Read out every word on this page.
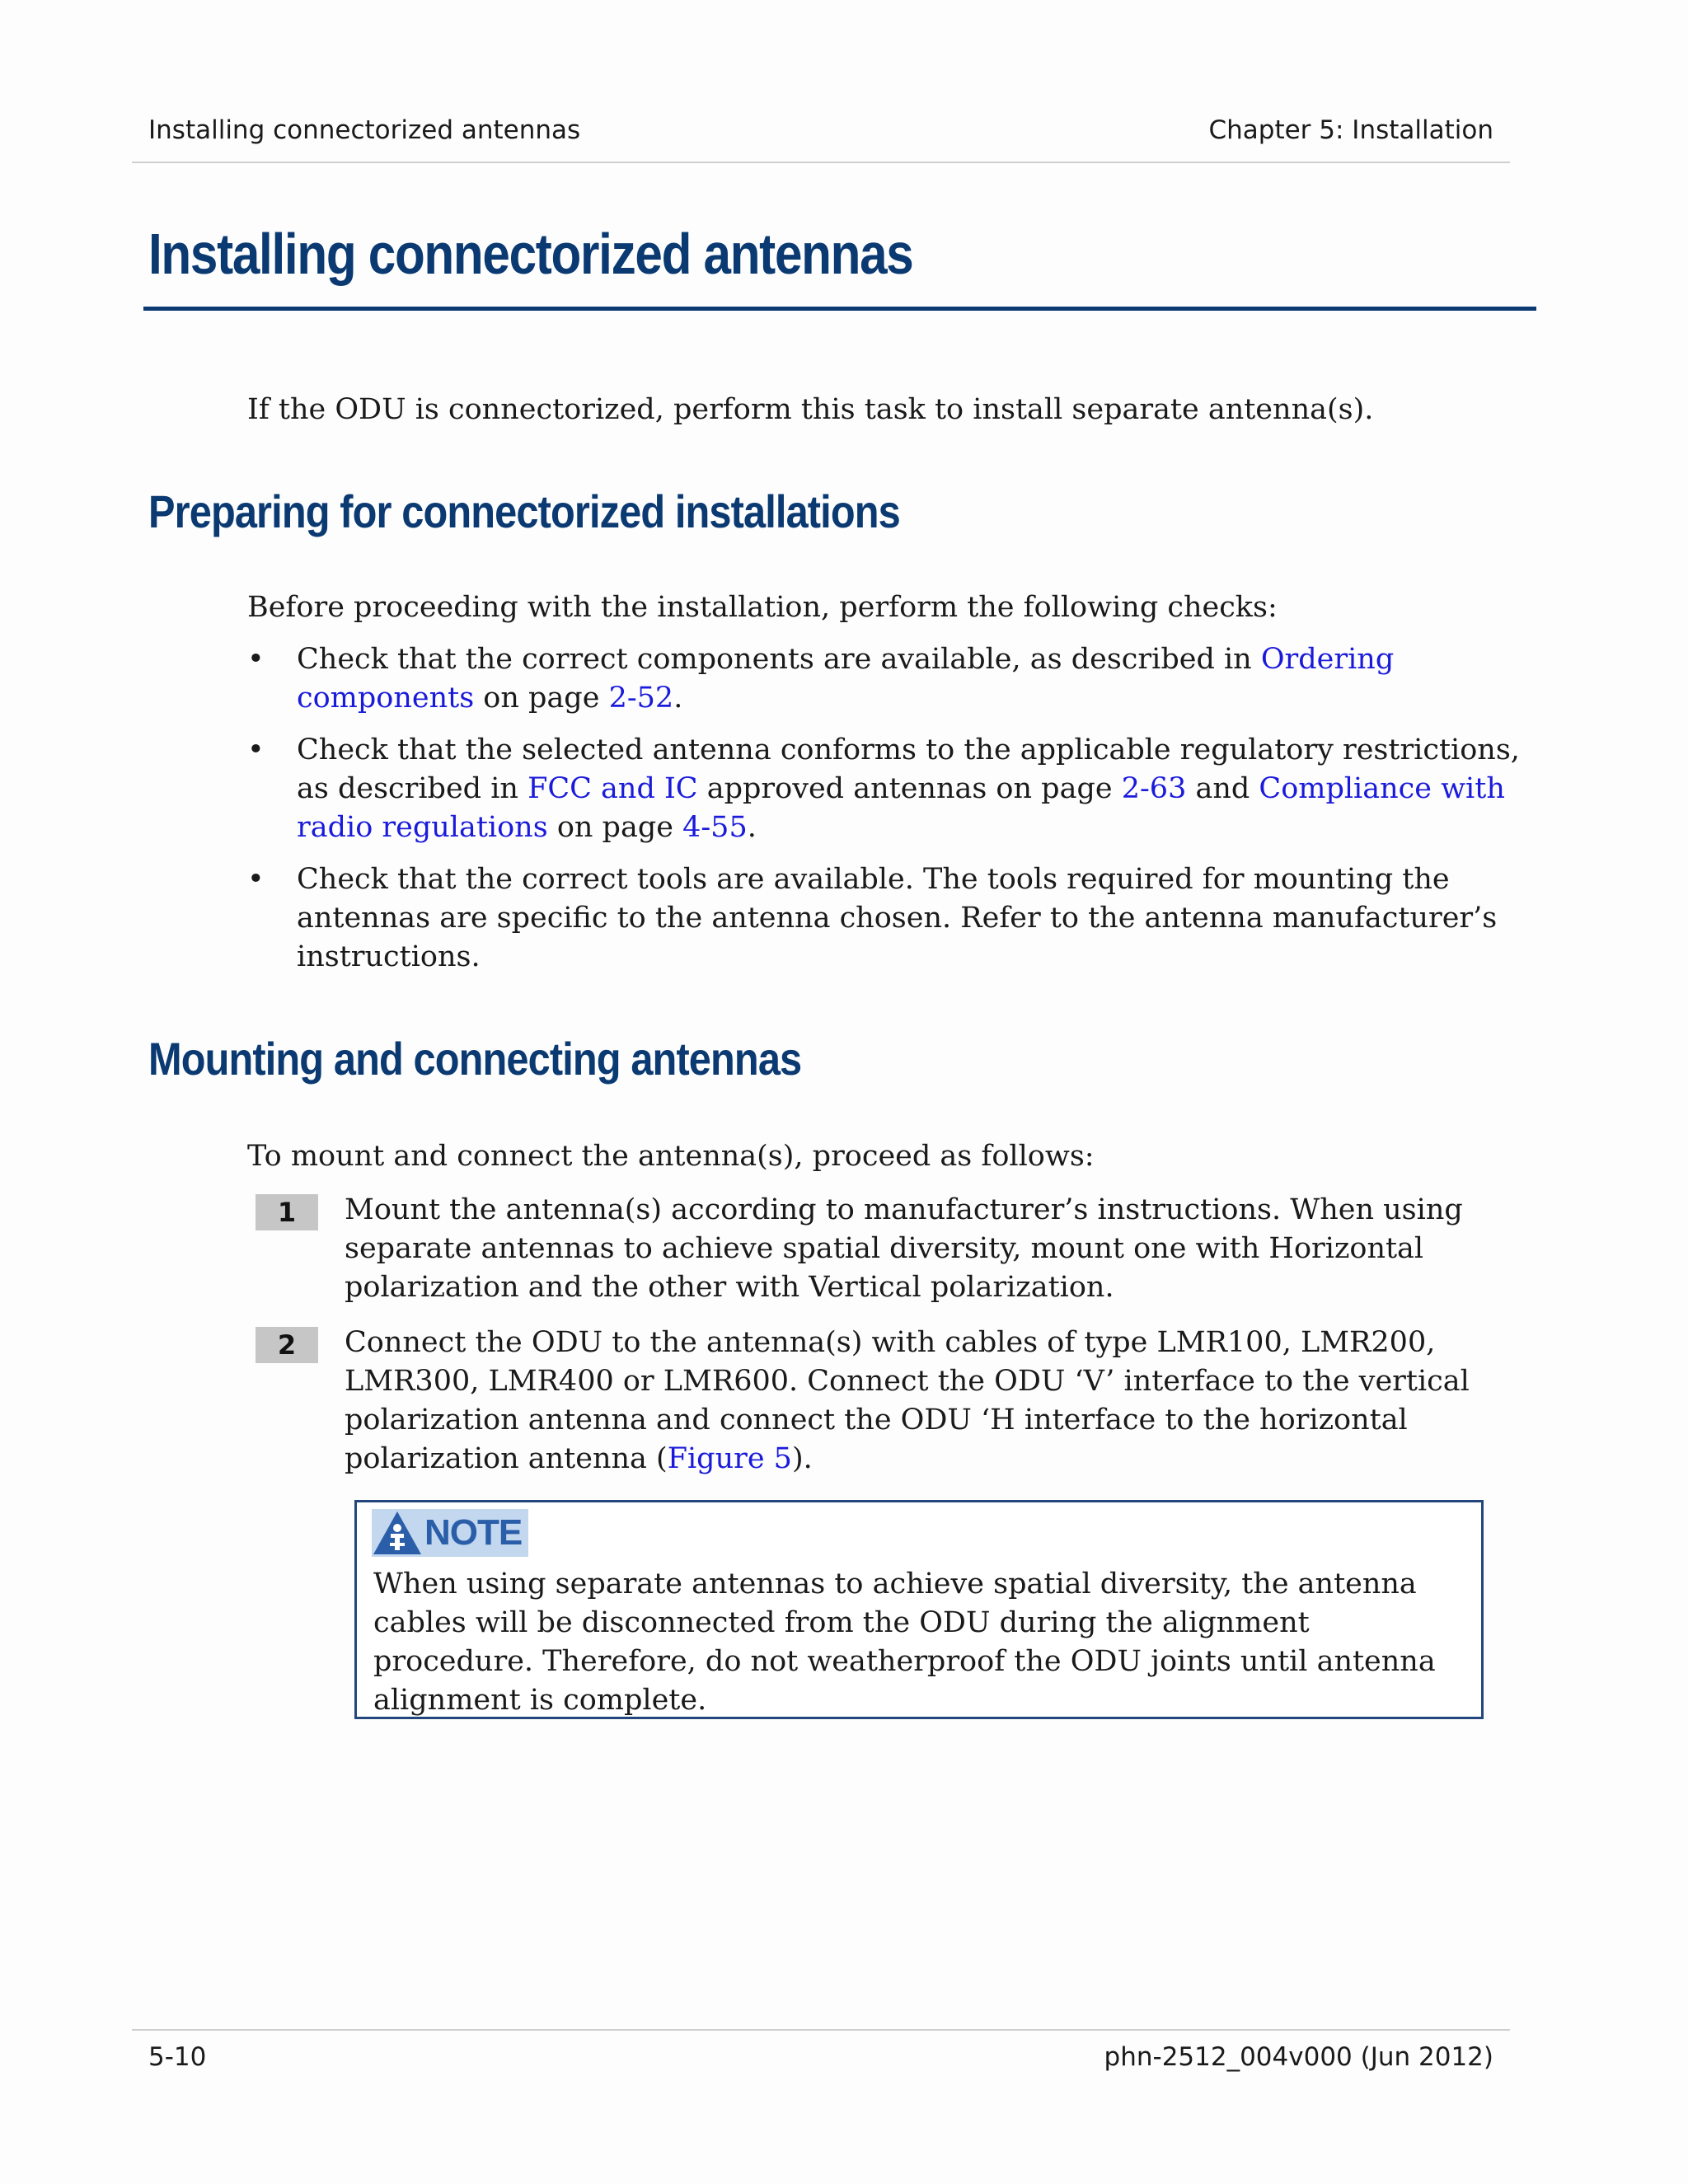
Installing connectorized antennas	Chapter 5: Installation
Installing connectorized antennas
If the ODU is connectorized, perform this task to install separate antenna(s).
Preparing for connectorized installations
Before proceeding with the installation, perform the following checks:
• Check that the correct components are available, as described in Ordering components on page 2-52.
• Check that the selected antenna conforms to the applicable regulatory restrictions, as described in FCC and IC approved antennas on page 2-63 and Compliance with radio regulations on page 4-55.
• Check that the correct tools are available. The tools required for mounting the antennas are specific to the antenna chosen. Refer to the antenna manufacturer’s instructions.
Mounting and connecting antennas
To mount and connect the antenna(s), proceed as follows:
1	Mount the antenna(s) according to manufacturer’s instructions. When using separate antennas to achieve spatial diversity, mount one with Horizontal polarization and the other with Vertical polarization.
2	Connect the ODU to the antenna(s) with cables of type LMR100, LMR200, LMR300, LMR400 or LMR600. Connect the ODU ‘V’ interface to the vertical polarization antenna and connect the ODU ‘H interface to the horizontal polarization antenna (Figure 5).
NOTE
When using separate antennas to achieve spatial diversity, the antenna cables will be disconnected from the ODU during the alignment procedure. Therefore, do not weatherproof the ODU joints until antenna alignment is complete.
5-10	phn-2512_004v000 (Jun 2012)
